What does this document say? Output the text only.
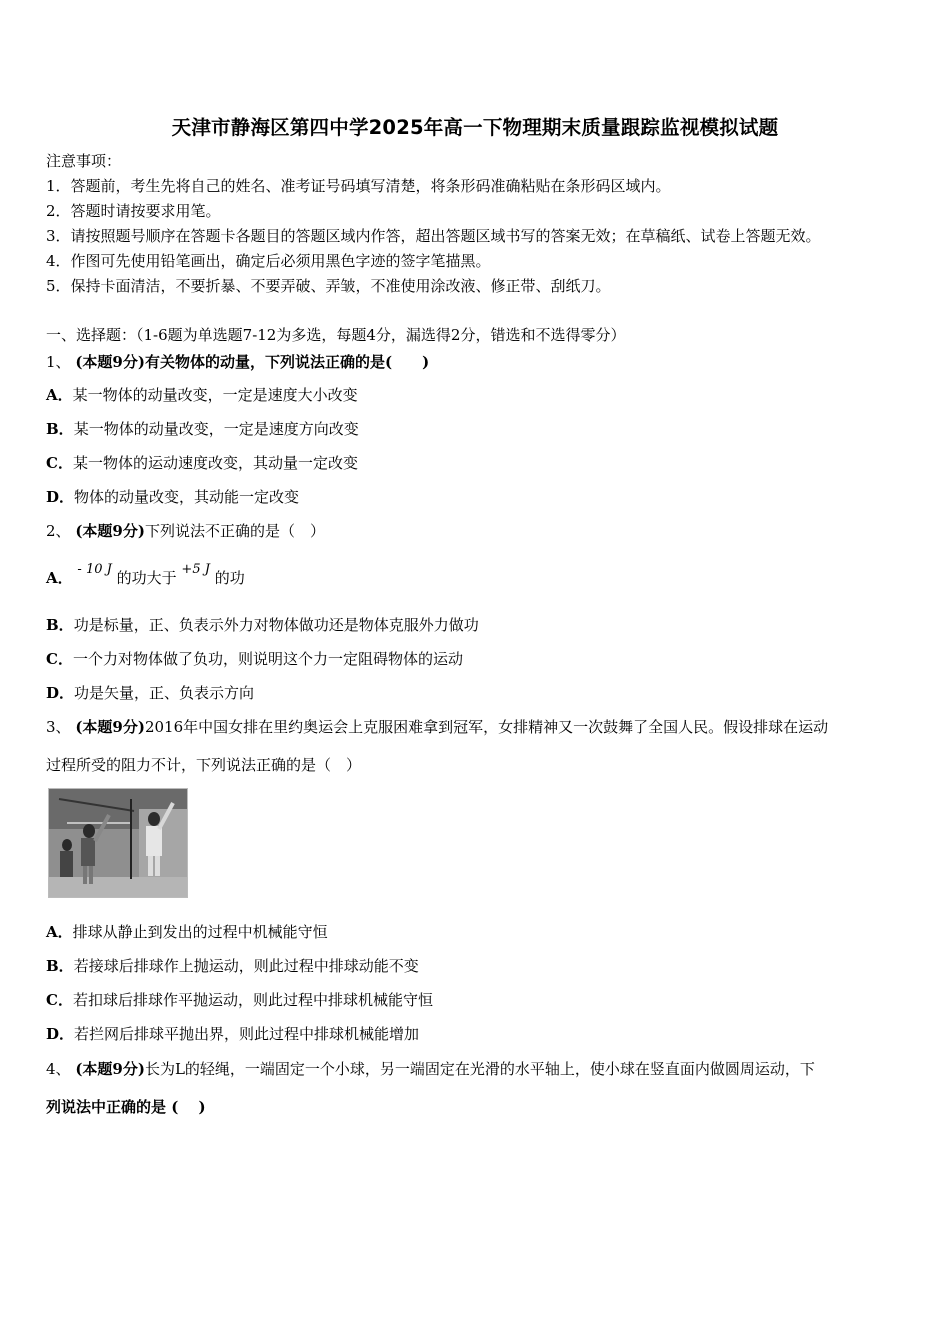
天津市静海区第四中学2025年高一下物理期末质量跟踪监视模拟试题
注意事项：
1．答题前，考生先将自己的姓名、准考证号码填写清楚，将条形码准确粘贴在条形码区域内。
2．答题时请按要求用笔。
3．请按照题号顺序在答题卡各题目的答题区域内作答，超出答题区域书写的答案无效；在草稿纸、试卷上答题无效。
4．作图可先使用铅笔画出，确定后必须用黑色字迹的签字笔描黑。
5．保持卡面清洁，不要折暴、不要弄破、弄皱，不准使用涂改液、修正带、刮纸刀。
一、选择题：（1-6题为单选题7-12为多选，每题4分，漏选得2分，错选和不选得零分）
1、 (本题9分)有关物体的动量，下列说法正确的是(　　)
A．某一物体的动量改变，一定是速度大小改变
B．某一物体的动量改变，一定是速度方向改变
C．某一物体的运动速度改变，其动量一定改变
D．物体的动量改变，其动能一定改变
2、 (本题9分)下列说法不正确的是（　）
A． - 10 J 的功大于 +5 J 的功
B．功是标量，正、负表示外力对物体做功还是物体克服外力做功
C．一个力对物体做了负功，则说明这个力一定阻碍物体的运动
D．功是矢量，正、负表示方向
3、 (本题9分)2016年中国女排在里约奥运会上克服困难拿到冠军，女排精神又一次鼓舞了全国人民。假设排球在运动
过程所受的阻力不计，下列说法正确的是（　）
A．排球从静止到发出的过程中机械能守恒
B．若接球后排球作上抛运动，则此过程中排球动能不变
C．若扣球后排球作平抛运动，则此过程中排球机械能守恒
D．若拦网后排球平抛出界，则此过程中排球机械能增加
4、 (本题9分)长为L的轻绳，一端固定一个小球，另一端固定在光滑的水平轴上，使小球在竖直面内做圆周运动，下
列说法中正确的是 (　 )
